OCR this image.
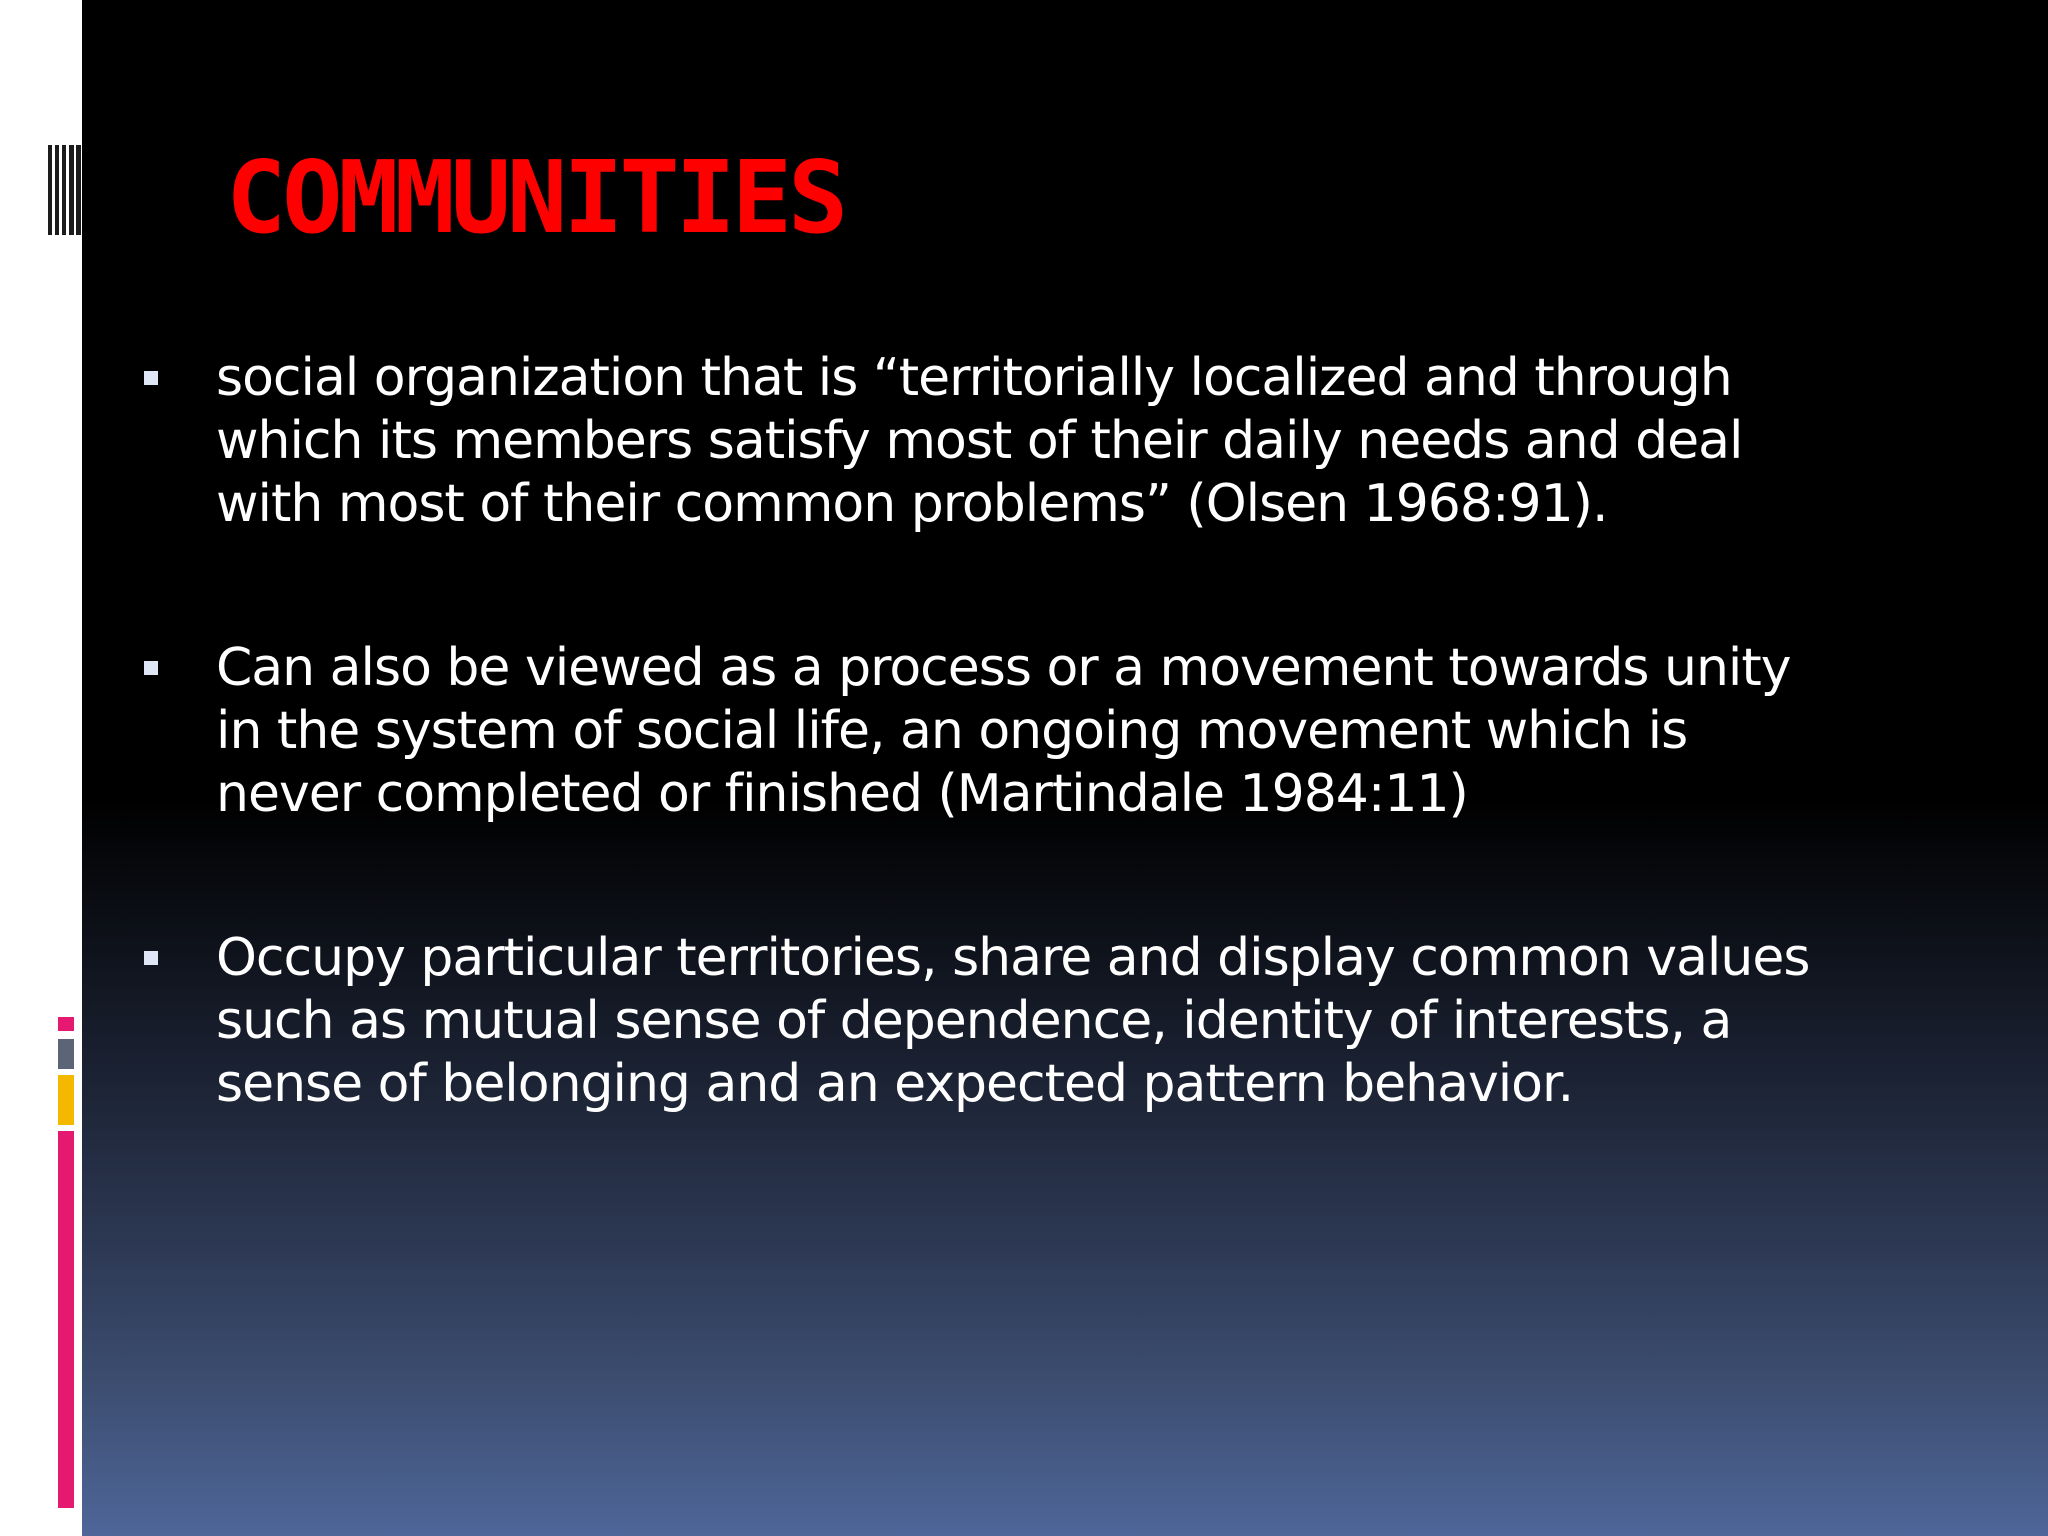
COMMUNITIES

social organization that is “territorially localized and through
which its members satisfy most of their daily needs and deal
with most of their common problems” (Olsen 1968:91).

Can also be viewed as a process or a movement towards unity
in the system of social life, an ongoing movement which is
never completed or finished (Martindale 1984:11)

Occupy particular territories, share and display common values
such as mutual sense of dependence, identity of interests, a
sense of belonging and an expected pattern behavior.
